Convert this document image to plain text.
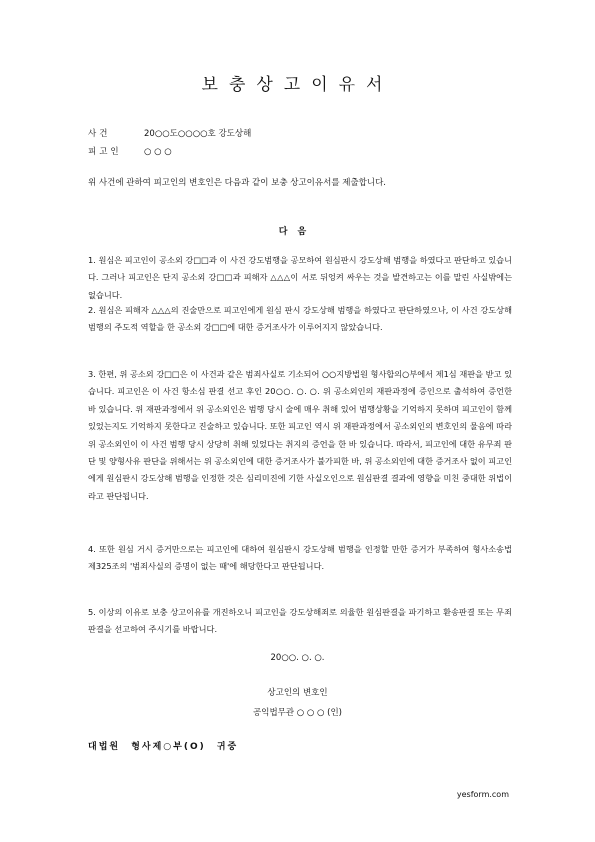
보충상고이유서
사건	20○○도○○○○호 강도상해
피고인	○ ○ ○
위 사건에 관하여 피고인의 변호인은 다음과 같이 보충 상고이유서를 제출합니다.
다음
1. 원심은 피고인이 공소외 강□□과 이 사건 강도범행을 공모하여 원심판시 강도상해 범행을 하였다고 판단하고 있습니다. 그러나 피고인은 단지 공소외 강□□과 피해자 △△△이 서로 뒤엉켜 싸우는 것을 발견하고는 이를 말린 사실밖에는 없습니다.
2. 원심은 피해자 △△△의 진술만으로 피고인에게 원심 판시 강도상해 범행을 하였다고 판단하였으나, 이 사건 강도상해 범행의 주도적 역할을 한 공소외 강□□에 대한 증거조사가 이루어지지 않았습니다.
3. 한편, 위 공소외 강□□은 이 사건과 같은 범죄사실로 기소되어 ○○지방법원 형사합의○부에서 제1심 재판을 받고 있습니다. 피고인은 이 사건 항소심 판결 선고 후인 20○○. ○. ○. 위 공소외인의 재판과정에 증인으로 출석하여 증언한 바 있습니다. 위 재판과정에서 위 공소외인은 범행 당시 술에 매우 취해 있어 범행상황을 기억하지 못하며 피고인이 함께 있었는지도 기억하지 못한다고 진술하고 있습니다. 또한 피고인 역시 위 재판과정에서 공소외인의 변호인의 물음에 따라 위 공소외인이 이 사건 범행 당시 상당히 취해 있었다는 취지의 증언을 한 바 있습니다. 따라서, 피고인에 대한 유무죄 판단 및 양형사유 판단을 위해서는 위 공소외인에 대한 증거조사가 불가피한 바, 위 공소외인에 대한 증거조사 없이 피고인에게 원심판시 강도상해 범행을 인정한 것은 심리미진에 기한 사실오인으로 원심판결 결과에 영향을 미친 중대한 위법이라고 판단됩니다.
4. 또한 원심 거시 증거만으로는 피고인에 대하여 원심판시 강도상해 범행을 인정할 만한 증거가 부족하여 형사소송법 제325조의 '범죄사실의 증명이 없는 때'에 해당한다고 판단됩니다.
5. 이상의 이유로 보충 상고이유를 개진하오니 피고인을 강도상해죄로 의율한 원심판결을 파기하고 환송판결 또는 무죄판결을 선고하여 주시기를 바랍니다.
20○○. ○. ○.
상고인의 변호인
공익법무관 ○ ○ ○ (인)
대법원 형사제○부(O) 귀중
yesform.com
